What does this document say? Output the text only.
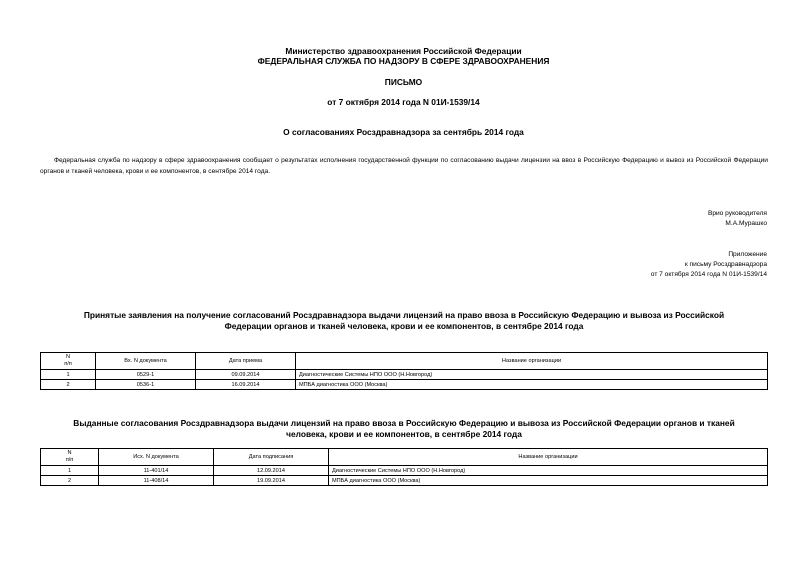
Министерство здравоохранения Российской Федерации
ФЕДЕРАЛЬНАЯ СЛУЖБА ПО НАДЗОРУ В СФЕРЕ ЗДРАВООХРАНЕНИЯ
ПИСЬМО
от 7 октября 2014 года N 01И-1539/14
О согласованиях Росздравнадзора за сентябрь 2014 года
Федеральная служба по надзору в сфере здравоохранения сообщает о результатах исполнения государственной функции по согласованию выдачи лицензии на ввоз в Российскую Федерацию и вывоз из Российской Федерации органов и тканей человека, крови и ее компонентов, в сентябре 2014 года.
Врио руководителя
М.А.Мурашко
Приложение
к письму Росздравнадзора
от 7 октября 2014 года N 01И-1539/14
Принятые заявления на получение согласований Росздравнадзора выдачи лицензий на право ввоза в Российскую Федерацию и вывоза из Российской
Федерации органов и тканей человека, крови и ее компонентов, в сентябре 2014 года
N
п/п	Вх. N документа	Дата приема	Название организации
1	0529-1	09.09.2014	Диагностические Системы НПО ООО (Н.Новгород)
2	0536-1	16.09.2014	МПБА диагностика ООО (Москва)
Выданные согласования Росздравнадзора выдачи лицензий на право ввоза в Российскую Федерацию и вывоза из Российской Федерации органов и тканей
человека, крови и ее компонентов, в сентябре 2014 года
N
п/п	Исх. N документа	Дата подписания	Название организации
1	11-401/14	12.09.2014	Диагностические Системы НПО ООО (Н.Новгород)
2	11-408/14	19.09.2014	МПБА диагностика ООО (Москва)
